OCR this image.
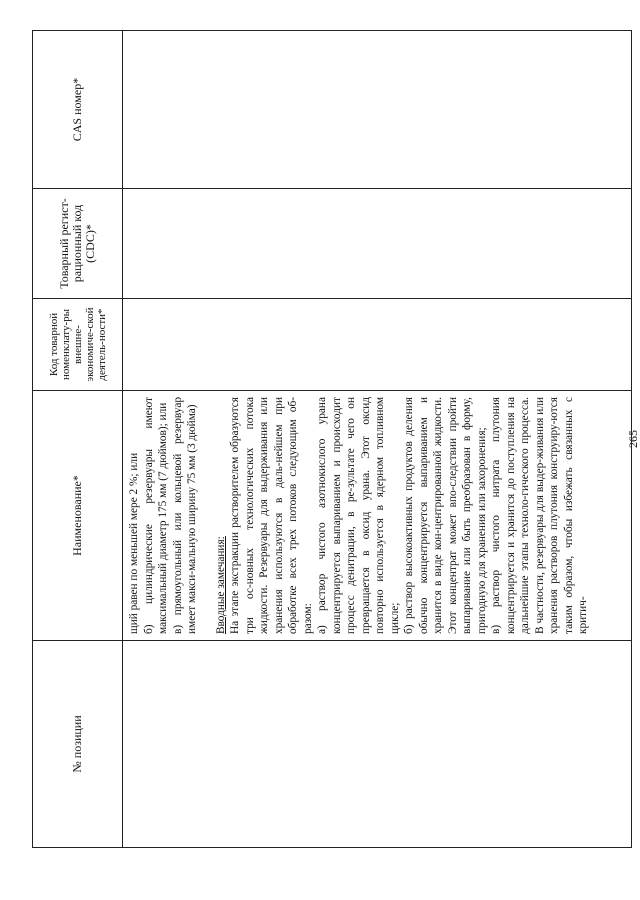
265
№ позиции
Наименование*
Код товарной номенклату-ры внешне-экономиче-ской деятель-ности*
Товарный регист-рационный код (CDC)*
CAS номер*

щий равен по меньшей мере 2 %; или б) цилиндрические резервуары имеют максимальный диаметр 175 мм (7 дюймов); или в) прямоугольный или кольцевой резервуар имеет макси-мальную ширину 75 мм (3 дюйма) Вводные замечания: На этапе экстракции растворителем образуются три ос-новных технологических потока жидкости. Резервуары для выдерживания или хранения используются в даль-нейшем при обработке всех трех потоков следующим об-разом: а) раствор чистого азотнокислого урана концентрируется выпариванием и происходит процесс денитрации, в ре-зультате чего он превращается в оксид урана. Этот оксид повторно используется в ядерном топливном цикле; б) раствор высокоактивных продуктов деления обычно концентрируется выпариванием и хранится в виде кон-центрированной жидкости. Этот концентрат может впо-следствии пройти выпаривание или быть преобразован в форму, пригодную для хранения или захоронения; в) раствор чистого нитрата плутония концентрируется и хранится до поступления на дальнейшие этапы техноло-гического процесса. В частности, резервуары для выдер-живания или хранения растворов плутония конструиру-ются таким образом, чтобы избежать связанных с критич-
